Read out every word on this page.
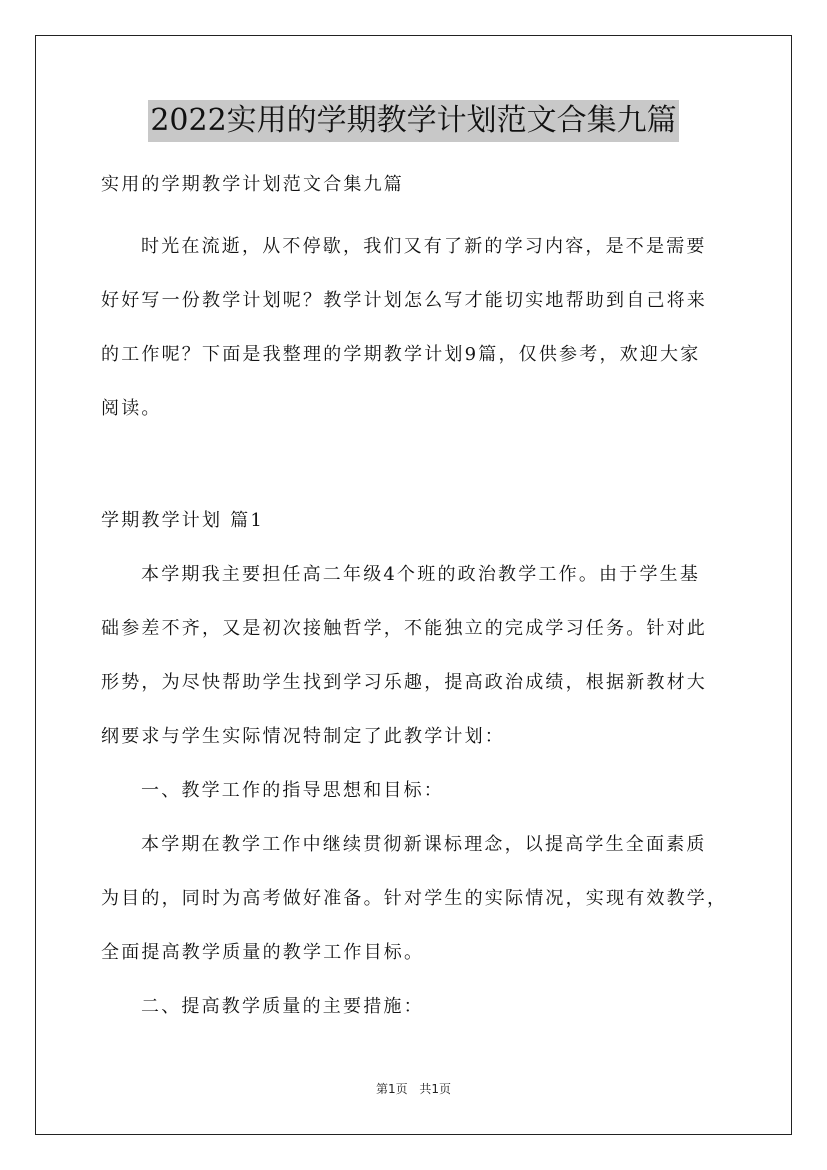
2022实用的学期教学计划范文合集九篇
实用的学期教学计划范文合集九篇
时光在流逝，从不停歇，我们又有了新的学习内容，是不是需要
好好写一份教学计划呢？教学计划怎么写才能切实地帮助到自己将来
的工作呢？下面是我整理的学期教学计划9篇，仅供参考，欢迎大家
阅读。
学期教学计划 篇1
本学期我主要担任高二年级4个班的政治教学工作。由于学生基
础参差不齐，又是初次接触哲学，不能独立的完成学习任务。针对此
形势，为尽快帮助学生找到学习乐趣，提高政治成绩，根据新教材大
纲要求与学生实际情况特制定了此教学计划：
一、教学工作的指导思想和目标：
本学期在教学工作中继续贯彻新课标理念，以提高学生全面素质
为目的，同时为高考做好准备。针对学生的实际情况，实现有效教学，
全面提高教学质量的教学工作目标。
二、提高教学质量的主要措施：
第1页 共1页
